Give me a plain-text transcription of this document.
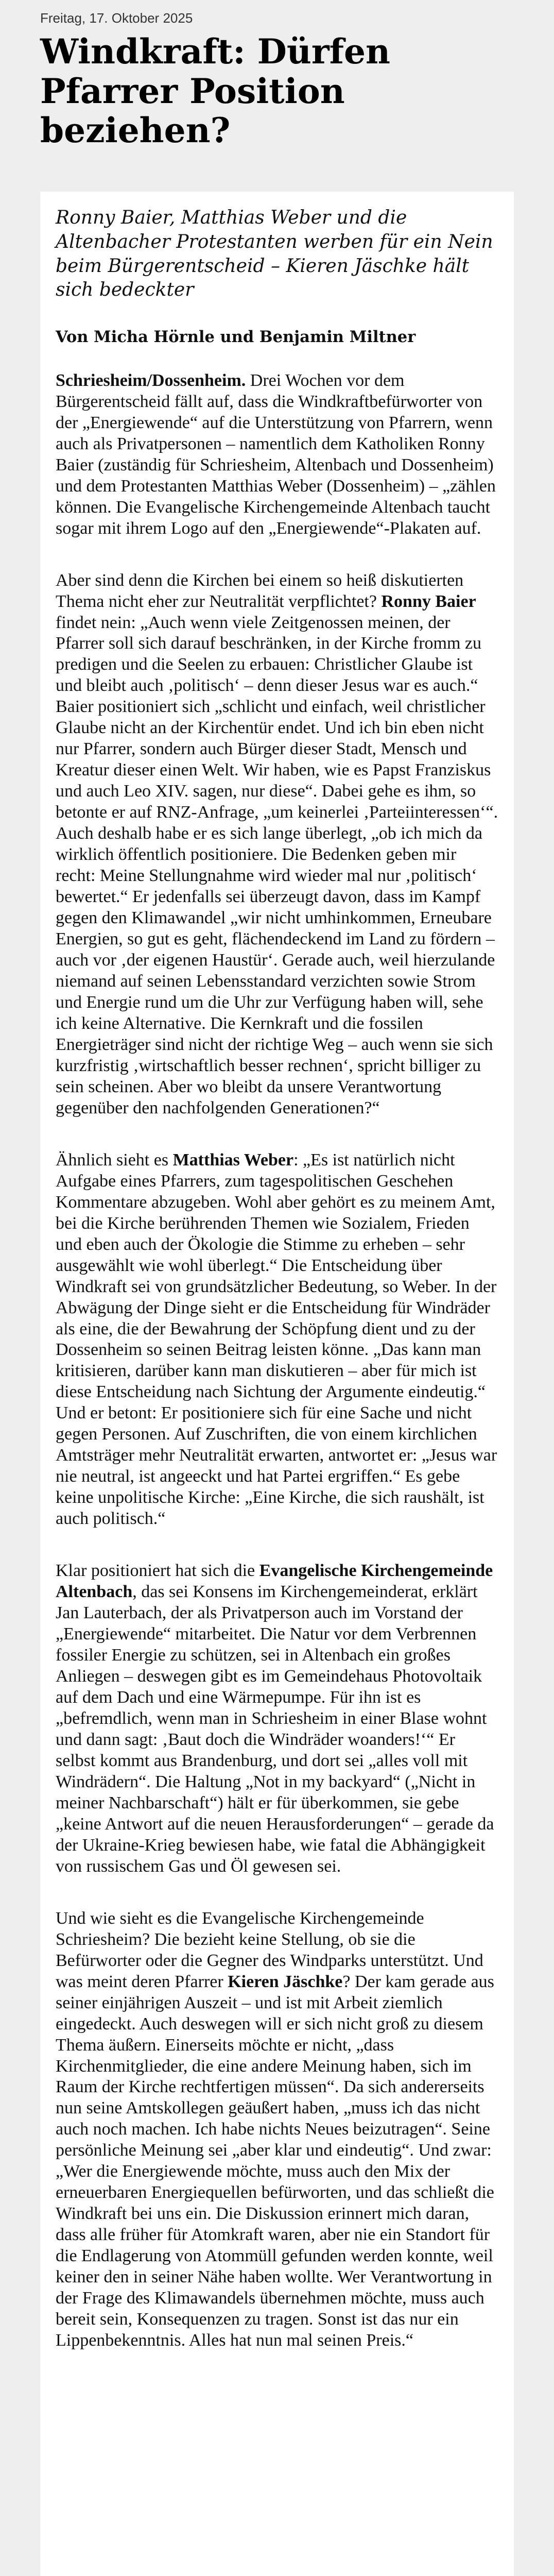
Freitag, 17. Oktober 2025
Windkraft: Dürfen Pfarrer Position beziehen?

Ronny Baier, Matthias Weber und die Altenbacher Protestanten werben für ein Nein beim Bürgerentscheid – Kieren Jäschke hält sich bedeckter

Von Micha Hörnle und Benjamin Miltner

Schriesheim/Dossenheim. Drei Wochen vor dem Bürgerentscheid fällt auf, dass die Windkraftbefürworter von der „Energiewende“ auf die Unterstützung von Pfarrern, wenn auch als Privatpersonen – namentlich dem Katholiken Ronny Baier (zuständig für Schriesheim, Altenbach und Dossenheim) und dem Protestanten Matthias Weber (Dossenheim) – „zählen können. Die Evangelische Kirchengemeinde Altenbach taucht sogar mit ihrem Logo auf den „Energiewende“-Plakaten auf.

Aber sind denn die Kirchen bei einem so heiß diskutierten Thema nicht eher zur Neutralität verpflichtet? Ronny Baier findet nein: „Auch wenn viele Zeitgenossen meinen, der Pfarrer soll sich darauf beschränken, in der Kirche fromm zu predigen und die Seelen zu erbauen: Christlicher Glaube ist und bleibt auch ‚politisch‘ – denn dieser Jesus war es auch.“ Baier positioniert sich „schlicht und einfach, weil christlicher Glaube nicht an der Kirchentür endet. Und ich bin eben nicht nur Pfarrer, sondern auch Bürger dieser Stadt, Mensch und Kreatur dieser einen Welt. Wir haben, wie es Papst Franziskus und auch Leo XIV. sagen, nur diese“. Dabei gehe es ihm, so betonte er auf RNZ-Anfrage, „um keinerlei ‚Parteiinteressen‘“. Auch deshalb habe er es sich lange überlegt, „ob ich mich da wirklich öffentlich positioniere. Die Bedenken geben mir recht: Meine Stellungnahme wird wieder mal nur ‚politisch‘ bewertet.“ Er jedenfalls sei überzeugt davon, dass im Kampf gegen den Klimawandel „wir nicht umhinkommen, Erneubare Energien, so gut es geht, flächendeckend im Land zu fördern – auch vor ‚der eigenen Haustür‘. Gerade auch, weil hierzulande niemand auf seinen Lebensstandard verzichten sowie Strom und Energie rund um die Uhr zur Verfügung haben will, sehe ich keine Alternative. Die Kernkraft und die fossilen Energieträger sind nicht der richtige Weg – auch wenn sie sich kurzfristig ‚wirtschaftlich besser rechnen‘, spricht billiger zu sein scheinen. Aber wo bleibt da unsere Verantwortung gegenüber den nachfolgenden Generationen?“

Ähnlich sieht es Matthias Weber: „Es ist natürlich nicht Aufgabe eines Pfarrers, zum tagespolitischen Geschehen Kommentare abzugeben. Wohl aber gehört es zu meinem Amt, bei die Kirche berührenden Themen wie Sozialem, Frieden und eben auch der Ökologie die Stimme zu erheben – sehr ausgewählt wie wohl überlegt.“ Die Entscheidung über Windkraft sei von grundsätzlicher Bedeutung, so Weber. In der Abwägung der Dinge sieht er die Entscheidung für Windräder als eine, die der Bewahrung der Schöpfung dient und zu der Dossenheim so seinen Beitrag leisten könne. „Das kann man kritisieren, darüber kann man diskutieren – aber für mich ist diese Entscheidung nach Sichtung der Argumente eindeutig.“ Und er betont: Er positioniere sich für eine Sache und nicht gegen Personen. Auf Zuschriften, die von einem kirchlichen Amtsträger mehr Neutralität erwarten, antwortet er: „Jesus war nie neutral, ist angeeckt und hat Partei ergriffen.“ Es gebe keine unpolitische Kirche: „Eine Kirche, die sich raushält, ist auch politisch.“

Klar positioniert hat sich die Evangelische Kirchengemeinde Altenbach, das sei Konsens im Kirchengemeinderat, erklärt Jan Lauterbach, der als Privatperson auch im Vorstand der „Energiewende“ mitarbeitet. Die Natur vor dem Verbrennen fossiler Energie zu schützen, sei in Altenbach ein großes Anliegen – deswegen gibt es im Gemeindehaus Photovoltaik auf dem Dach und eine Wärmepumpe. Für ihn ist es „befremdlich, wenn man in Schriesheim in einer Blase wohnt und dann sagt: ‚Baut doch die Windräder woanders!‘“ Er selbst kommt aus Brandenburg, und dort sei „alles voll mit Windrädern“. Die Haltung „Not in my backyard“ („Nicht in meiner Nachbarschaft“) hält er für überkommen, sie gebe „keine Antwort auf die neuen Herausforderungen“ – gerade da der Ukraine-Krieg bewiesen habe, wie fatal die Abhängigkeit von russischem Gas und Öl gewesen sei.

Und wie sieht es die Evangelische Kirchengemeinde Schriesheim? Die bezieht keine Stellung, ob sie die Befürworter oder die Gegner des Windparks unterstützt. Und was meint deren Pfarrer Kieren Jäschke? Der kam gerade aus seiner einjährigen Auszeit – und ist mit Arbeit ziemlich eingedeckt. Auch deswegen will er sich nicht groß zu diesem Thema äußern. Einerseits möchte er nicht, „dass Kirchenmitglieder, die eine andere Meinung haben, sich im Raum der Kirche rechtfertigen müssen“. Da sich andererseits nun seine Amtskollegen geäußert haben, „muss ich das nicht auch noch machen. Ich habe nichts Neues beizutragen“. Seine persönliche Meinung sei „aber klar und eindeutig“. Und zwar: „Wer die Energiewende möchte, muss auch den Mix der erneuerbaren Energiequellen befürworten, und das schließt die Windkraft bei uns ein. Die Diskussion erinnert mich daran, dass alle früher für Atomkraft waren, aber nie ein Standort für die Endlagerung von Atommüll gefunden werden konnte, weil keiner den in seiner Nähe haben wollte. Wer Verantwortung in der Frage des Klimawandels übernehmen möchte, muss auch bereit sein, Konsequenzen zu tragen. Sonst ist das nur ein Lippenbekenntnis. Alles hat nun mal seinen Preis.“
